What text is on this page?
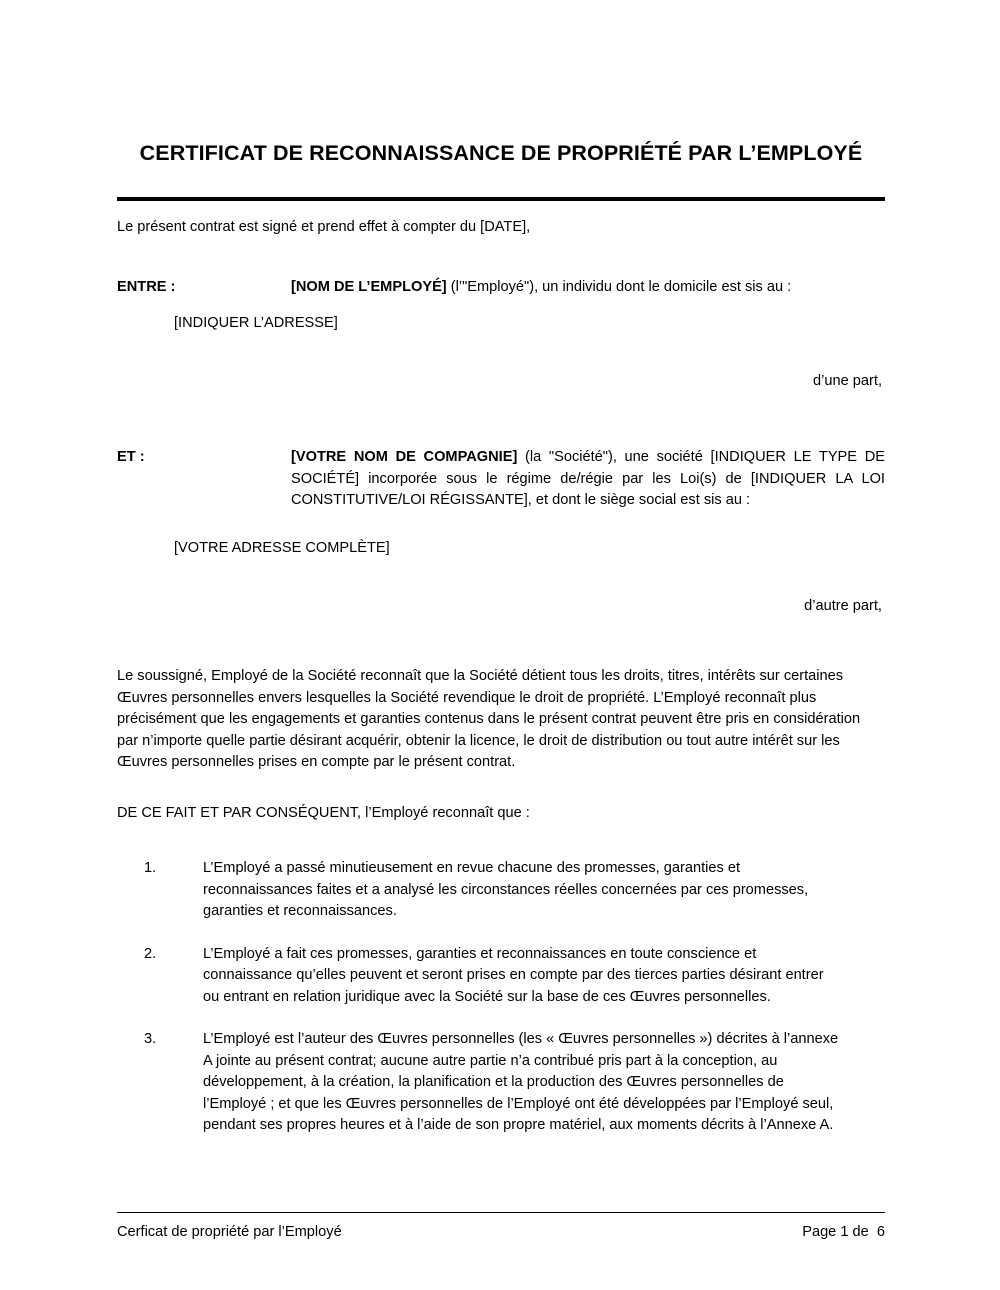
CERTIFICAT DE RECONNAISSANCE DE PROPRIÉTÉ PAR L’EMPLOYÉ
Le présent contrat est signé et prend effet à compter du [DATE],
ENTRE :	[NOM DE L’EMPLOYÉ] (l’"Employé"), un individu dont le domicile est sis au :
[INDIQUER L’ADRESSE]
d’une part,
ET :	[VOTRE NOM DE COMPAGNIE] (la "Société"), une société [INDIQUER LE TYPE DE SOCIÉTÉ] incorporée sous le régime de/régie par les Loi(s) de [INDIQUER LA LOI CONSTITUTIVE/LOI RÉGISSANTE], et dont le siège social est sis au :
[VOTRE ADRESSE COMPLÈTE]
d’autre part,
Le soussigné, Employé de la Société reconnaît que la Société détient tous les droits, titres, intérêts sur certaines Œuvres personnelles envers lesquelles la Société revendique le droit de propriété. L’Employé reconnaît plus précisément que les engagements et garanties contenus dans le présent contrat peuvent être pris en considération par n’importe quelle partie désirant acquérir, obtenir la licence, le droit de distribution ou tout autre intérêt sur les Œuvres personnelles prises en compte par le présent contrat.
DE CE FAIT ET PAR CONSÉQUENT, l’Employé reconnaît que :
1.	L’Employé a passé minutieusement en revue chacune des promesses, garanties et reconnaissances faites et a analysé les circonstances réelles concernées par ces promesses, garanties et reconnaissances.
2.	L’Employé a fait ces promesses, garanties et reconnaissances en toute conscience et connaissance qu’elles peuvent et seront prises en compte par des tierces parties désirant entrer ou entrant en relation juridique avec la Société sur la base de ces Œuvres personnelles.
3.	L’Employé est l’auteur des Œuvres personnelles (les « Œuvres personnelles ») décrites à l’annexe A jointe au présent contrat; aucune autre partie n’a contribué pris part à la conception, au développement, à la création, la planification et la production des Œuvres personnelles de l’Employé ; et que les Œuvres personnelles de l’Employé ont été développées par l’Employé seul, pendant ses propres heures et à l’aide de son propre matériel, aux moments décrits à l’Annexe A.
Cerficat de propriété par l’Employé	Page 1 de  6
